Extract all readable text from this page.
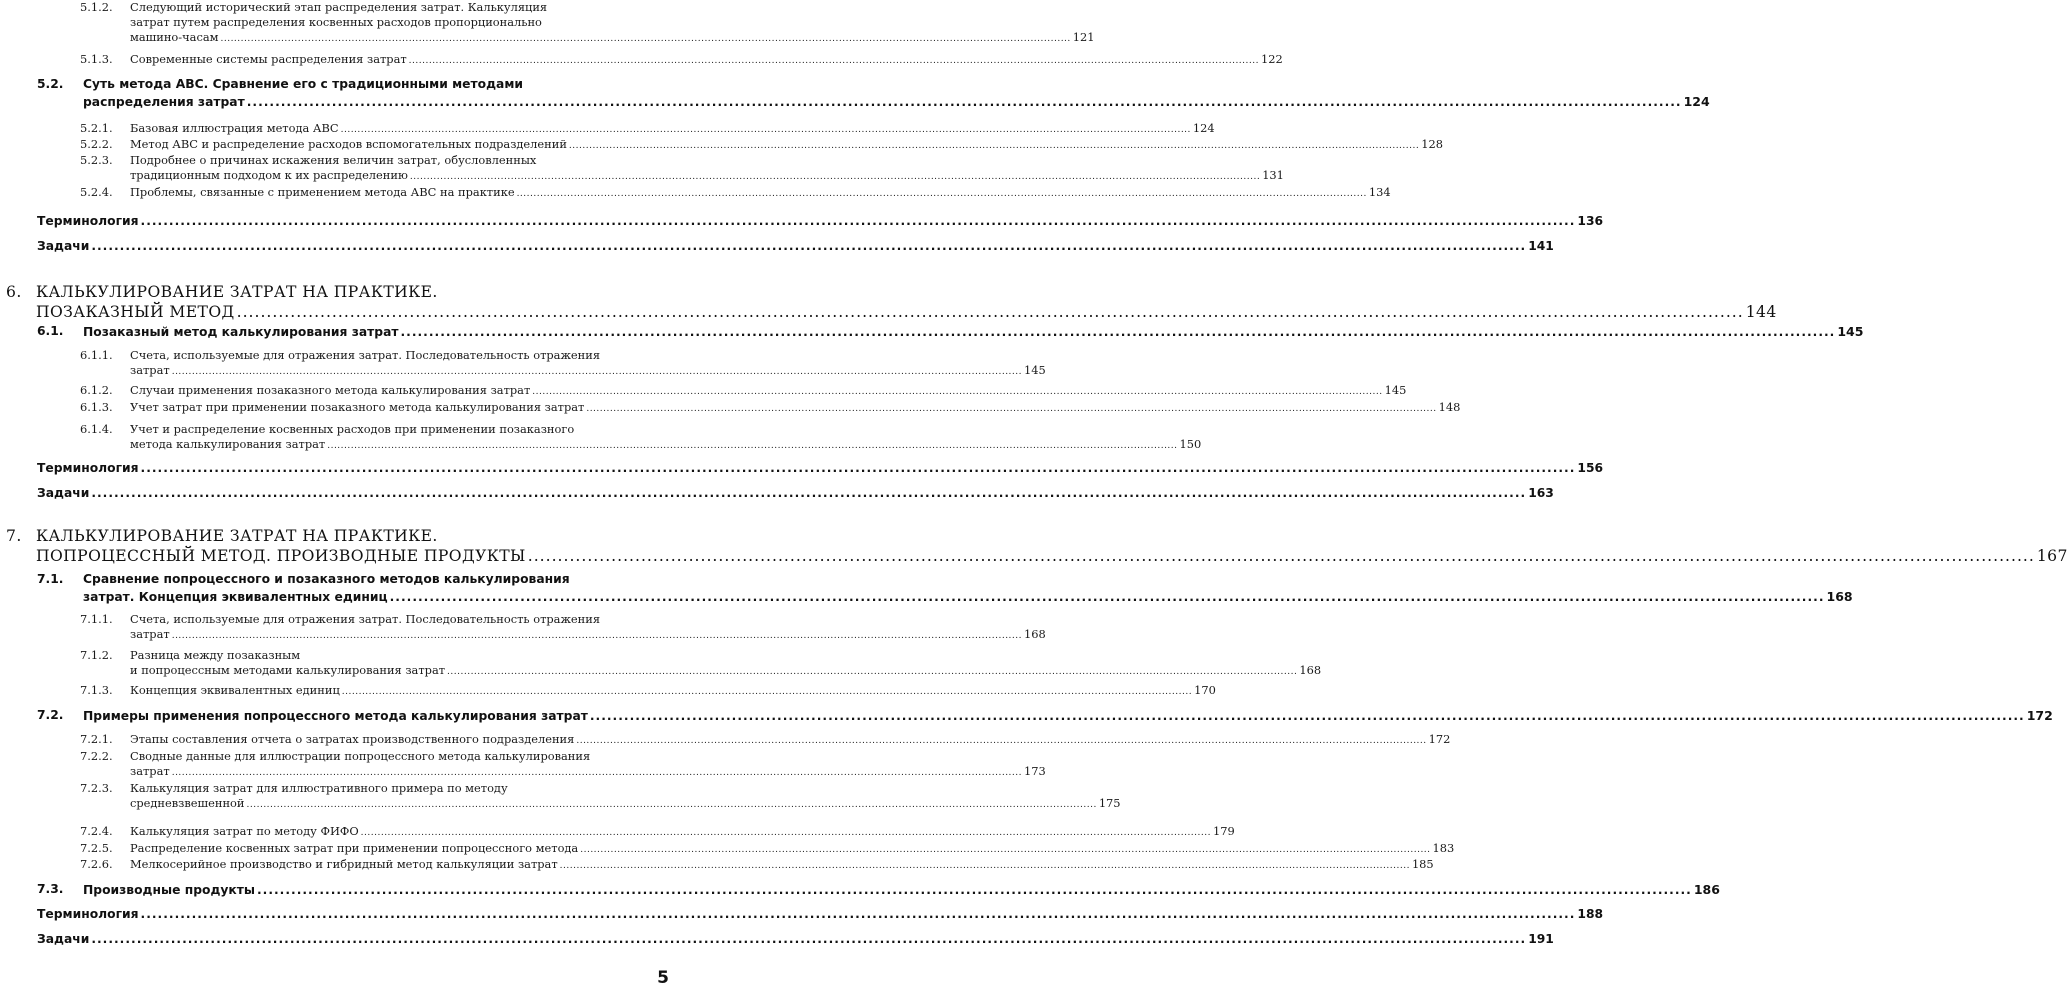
5.1.2. Следующий исторический этап распределения затрат. Калькуляция
затрат путем распределения косвенных расходов пропорционально
машино-часам .....	121
5.1.3. Современные системы распределения затрат .....	122
5.2. Суть метода АВС. Сравнение его с традиционными методами
распределения затрат .....	124
5.2.1. Базовая иллюстрация метода АВС .....	124
5.2.2. Метод АВС и распределение расходов вспомогательных подразделений .....	128
5.2.3. Подробнее о причинах искажения величин затрат, обусловленных
традиционным подходом к их распределению .....	131
5.2.4. Проблемы, связанные с применением метода АВС на практике .....	134
Терминология .....	136
Задачи .....	141
6. КАЛЬКУЛИРОВАНИЕ ЗАТРАТ НА ПРАКТИКЕ.
ПОЗАКАЗНЫЙ МЕТОД .....	144
6.1. Позаказный метод калькулирования затрат .....	145
6.1.1. Счета, используемые для отражения затрат. Последовательность отражения
затрат .....	145
6.1.2. Случаи применения позаказного метода калькулирования затрат .....	145
6.1.3. Учет затрат при применении позаказного метода калькулирования затрат .....	148
6.1.4. Учет и распределение косвенных расходов при применении позаказного
метода калькулирования затрат .....	150
Терминология .....	156
Задачи .....	163
7. КАЛЬКУЛИРОВАНИЕ ЗАТРАТ НА ПРАКТИКЕ.
ПОПРОЦЕССНЫЙ МЕТОД. ПРОИЗВОДНЫЕ ПРОДУКТЫ .....	167
7.1. Сравнение попроцессного и позаказного методов калькулирования
затрат. Концепция эквивалентных единиц .....	168
7.1.1. Счета, используемые для отражения затрат. Последовательность отражения
затрат .....	168
7.1.2. Разница между позаказным
и попроцессным методами калькулирования затрат .....	168
7.1.3. Концепция эквивалентных единиц .....	170
7.2. Примеры применения попроцессного метода калькулирования затрат .....	172
7.2.1. Этапы составления отчета о затратах производственного подразделения .....	172
7.2.2. Сводные данные для иллюстрации попроцессного метода калькулирования
затрат .....	173
7.2.3. Калькуляция затрат для иллюстративного примера по методу
средневзвешенной .....	175
7.2.4. Калькуляция затрат по методу ФИФО .....	179
7.2.5. Распределение косвенных затрат при применении попроцессного метода .....	183
7.2.6. Мелкосерийное производство и гибридный метод калькуляции затрат .....	185
7.3. Производные продукты .....	186
Терминология .....	188
Задачи .....	191
5
